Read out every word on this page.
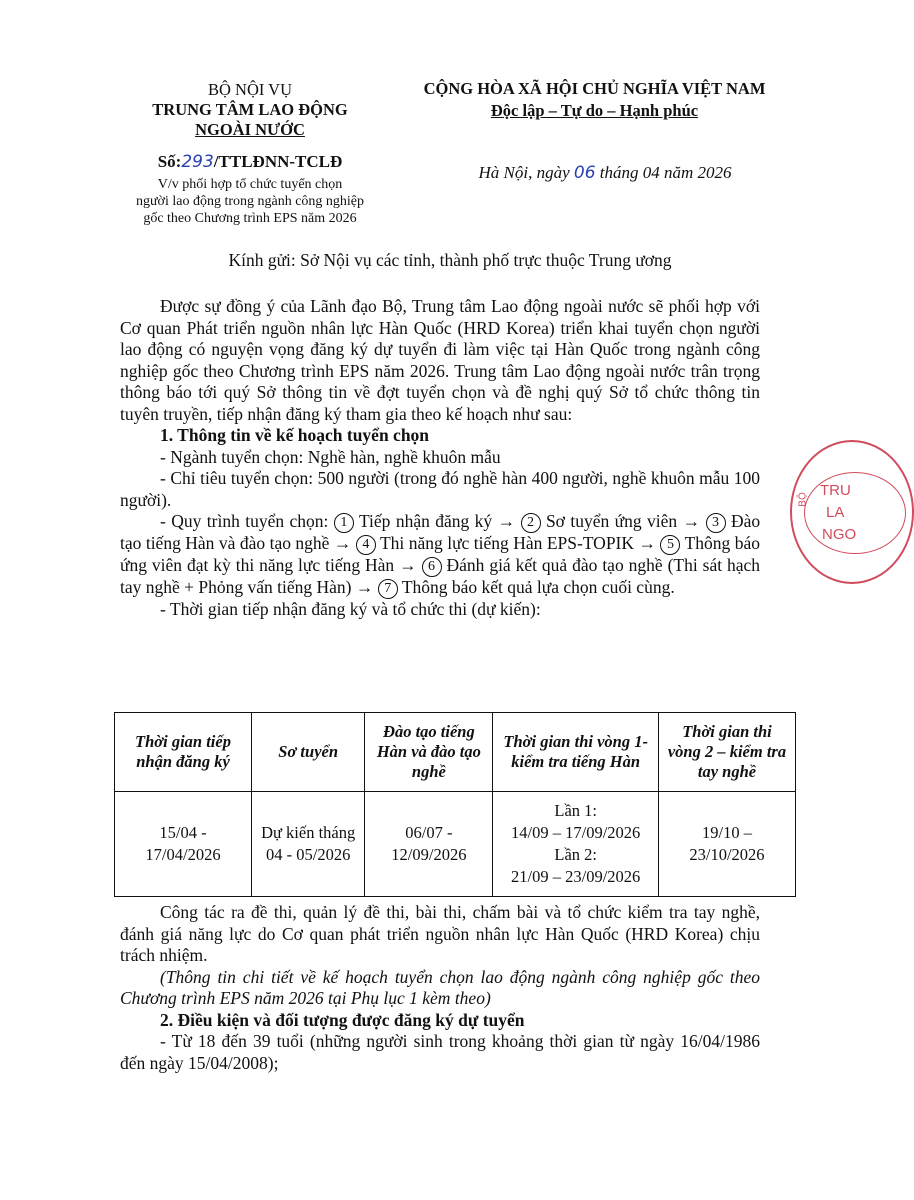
BỘ NỘI VỤ
TRUNG TÂM LAO ĐỘNG
NGOÀI NƯỚC
Số:293/TTLĐNN-TCLĐ
V/v phối hợp tổ chức tuyển chọn
người lao động trong ngành công nghiệp
gốc theo Chương trình EPS năm 2026
CỘNG HÒA XÃ HỘI CHỦ NGHĨA VIỆT NAM
Độc lập – Tự do – Hạnh phúc
Hà Nội, ngày 06 tháng 04 năm 2026
Kính gửi: Sở Nội vụ các tỉnh, thành phố trực thuộc Trung ương
Được sự đồng ý của Lãnh đạo Bộ, Trung tâm Lao động ngoài nước sẽ phối hợp với Cơ quan Phát triển nguồn nhân lực Hàn Quốc (HRD Korea) triển khai tuyển chọn người lao động có nguyện vọng đăng ký dự tuyển đi làm việc tại Hàn Quốc trong ngành công nghiệp gốc theo Chương trình EPS năm 2026. Trung tâm Lao động ngoài nước trân trọng thông báo tới quý Sở thông tin về đợt tuyển chọn và đề nghị quý Sở tổ chức thông tin tuyên truyền, tiếp nhận đăng ký tham gia theo kế hoạch như sau:
1. Thông tin về kế hoạch tuyển chọn
- Ngành tuyển chọn: Nghề hàn, nghề khuôn mẫu
- Chỉ tiêu tuyển chọn: 500 người (trong đó nghề hàn 400 người, nghề khuôn mẫu 100 người).
- Quy trình tuyển chọn: 1 Tiếp nhận đăng ký → 2 Sơ tuyển ứng viên → 3 Đào tạo tiếng Hàn và đào tạo nghề → 4 Thi năng lực tiếng Hàn EPS-TOPIK → 5 Thông báo ứng viên đạt kỳ thi năng lực tiếng Hàn → 6 Đánh giá kết quả đào tạo nghề (Thi sát hạch tay nghề + Phỏng vấn tiếng Hàn) → 7 Thông báo kết quả lựa chọn cuối cùng.
- Thời gian tiếp nhận đăng ký và tổ chức thi (dự kiến):
Thời gian tiếp nhận đăng ký	Sơ tuyển	Đào tạo tiếng Hàn và đào tạo nghề	Thời gian thi vòng 1- kiểm tra tiếng Hàn	Thời gian thi vòng 2 – kiểm tra tay nghề
15/04 - 17/04/2026	Dự kiến tháng 04 - 05/2026	06/07 - 12/09/2026	Lần 1:
14/09 – 17/09/2026
Lần 2:
21/09 – 23/09/2026	19/10 – 23/10/2026
Công tác ra đề thi, quản lý đề thi, bài thi, chấm bài và tổ chức kiểm tra tay nghề, đánh giá năng lực do Cơ quan phát triển nguồn nhân lực Hàn Quốc (HRD Korea) chịu trách nhiệm.
(Thông tin chi tiết về kế hoạch tuyển chọn lao động ngành công nghiệp gốc theo Chương trình EPS năm 2026 tại Phụ lục 1 kèm theo)
2. Điều kiện và đối tượng được đăng ký dự tuyển
- Từ 18 đến 39 tuổi (những người sinh trong khoảng thời gian từ ngày 16/04/1986 đến ngày 15/04/2008);
TRU
LA
NGO
BỘ
